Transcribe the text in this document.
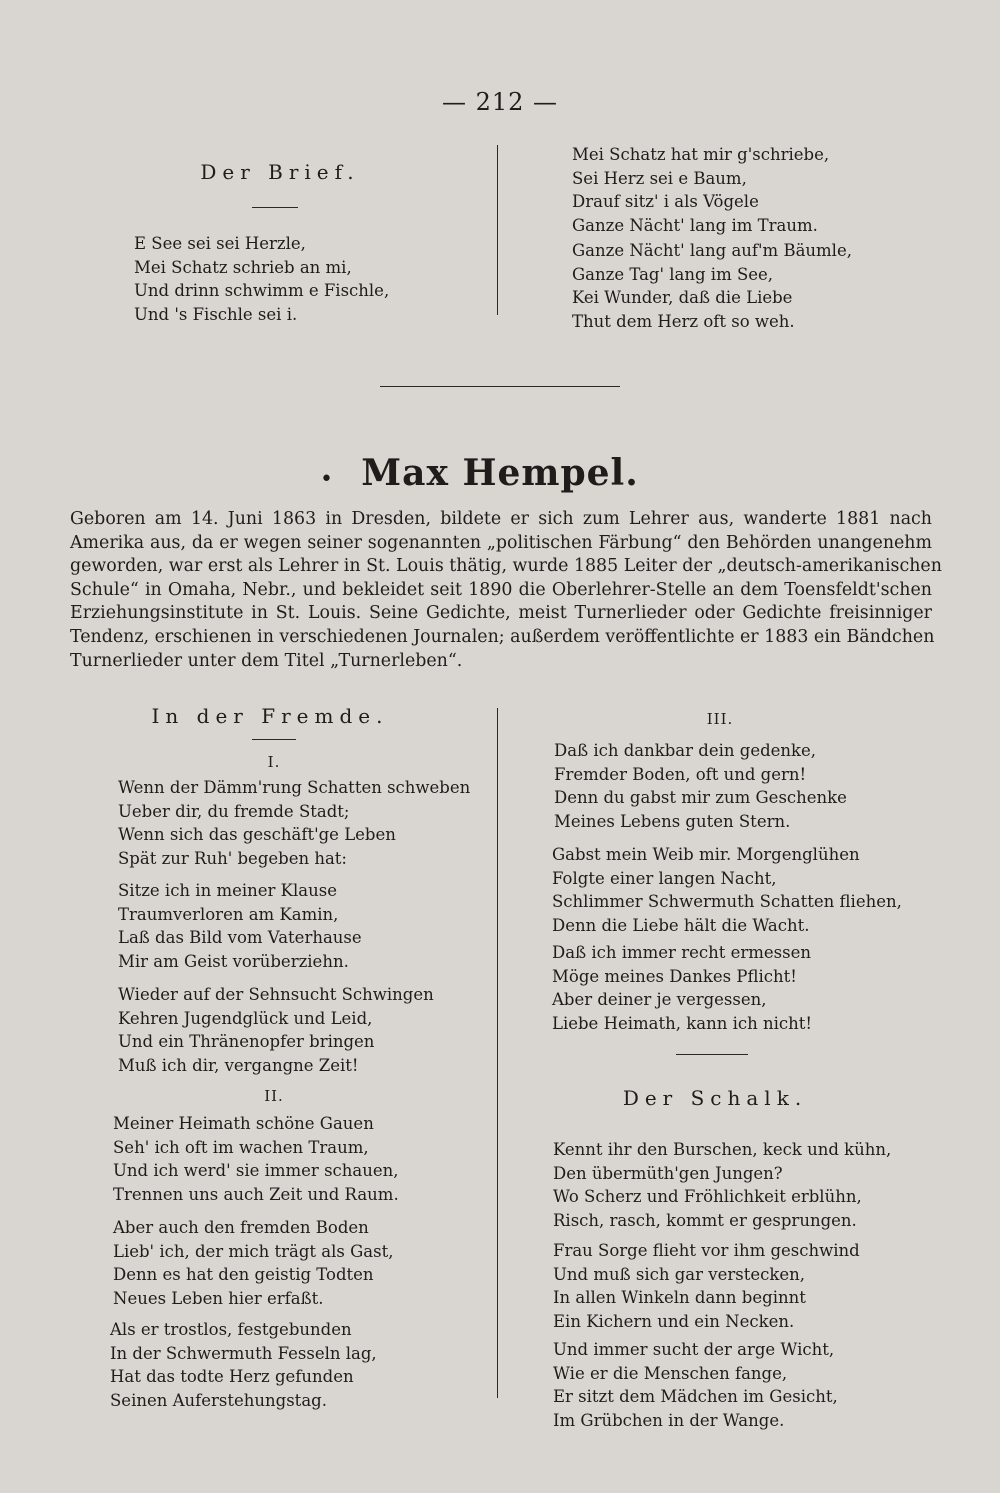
— 212 —
Der Brief.
E See sei sei Herzle,
Mei Schatz schrieb an mi,
Und drinn schwimm e Fischle,
Und 's Fischle sei i.
Mei Schatz hat mir g'schriebe,
Sei Herz sei e Baum,
Drauf sitz' i als Vögele
Ganze Nächt' lang im Traum.
Ganze Nächt' lang auf'm Bäumle,
Ganze Tag' lang im See,
Kei Wunder, daß die Liebe
Thut dem Herz oft so weh.
• Max Hempel.
Geboren am 14. Juni 1863 in Dresden, bildete er sich zum Lehrer aus, wanderte 1881 nach
Amerika aus, da er wegen seiner sogenannten „politischen Färbung“ den Behörden unangenehm
geworden, war erst als Lehrer in St. Louis thätig, wurde 1885 Leiter der „deutsch-amerikanischen
Schule“ in Omaha, Nebr., und bekleidet seit 1890 die Oberlehrer-Stelle an dem Toensfeldt'schen
Erziehungsinstitute in St. Louis. Seine Gedichte, meist Turnerlieder oder Gedichte freisinniger
Tendenz, erschienen in verschiedenen Journalen; außerdem veröffentlichte er 1883 ein Bändchen
Turnerlieder unter dem Titel „Turnerleben“.
In der Fremde.
I.
Wenn der Dämm'rung Schatten schweben
Ueber dir, du fremde Stadt;
Wenn sich das geschäft'ge Leben
Spät zur Ruh' begeben hat:
Sitze ich in meiner Klause
Traumverloren am Kamin,
Laß das Bild vom Vaterhause
Mir am Geist vorüberziehn.
Wieder auf der Sehnsucht Schwingen
Kehren Jugendglück und Leid,
Und ein Thränenopfer bringen
Muß ich dir, vergangne Zeit!
II.
Meiner Heimath schöne Gauen
Seh' ich oft im wachen Traum,
Und ich werd' sie immer schauen,
Trennen uns auch Zeit und Raum.
Aber auch den fremden Boden
Lieb' ich, der mich trägt als Gast,
Denn es hat den geistig Todten
Neues Leben hier erfaßt.
Als er trostlos, festgebunden
In der Schwermuth Fesseln lag,
Hat das todte Herz gefunden
Seinen Auferstehungstag.
III.
Daß ich dankbar dein gedenke,
Fremder Boden, oft und gern!
Denn du gabst mir zum Geschenke
Meines Lebens guten Stern.
Gabst mein Weib mir. Morgenglühen
Folgte einer langen Nacht,
Schlimmer Schwermuth Schatten fliehen,
Denn die Liebe hält die Wacht.
Daß ich immer recht ermessen
Möge meines Dankes Pflicht!
Aber deiner je vergessen,
Liebe Heimath, kann ich nicht!
Der Schalk.
Kennt ihr den Burschen, keck und kühn,
Den übermüth'gen Jungen?
Wo Scherz und Fröhlichkeit erblühn,
Risch, rasch, kommt er gesprungen.
Frau Sorge flieht vor ihm geschwind
Und muß sich gar verstecken,
In allen Winkeln dann beginnt
Ein Kichern und ein Necken.
Und immer sucht der arge Wicht,
Wie er die Menschen fange,
Er sitzt dem Mädchen im Gesicht,
Im Grübchen in der Wange.
